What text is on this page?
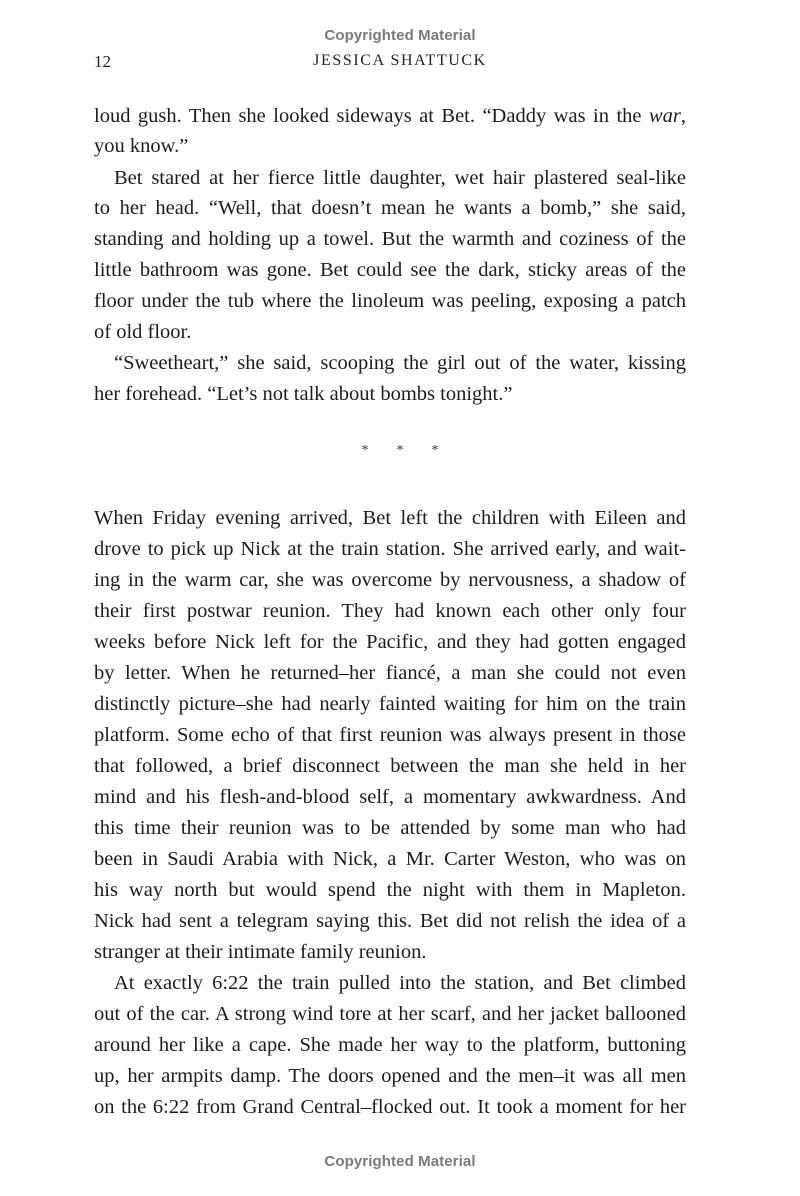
Copyrighted Material
12	JESSICA SHATTUCK
loud gush. Then she looked sideways at Bet. “Daddy was in the war,
you know.”
Bet stared at her fierce little daughter, wet hair plastered seal-like
to her head. “Well, that doesn’t mean he wants a bomb,” she said,
standing and holding up a towel. But the warmth and coziness of the
little bathroom was gone. Bet could see the dark, sticky areas of the
floor under the tub where the linoleum was peeling, exposing a patch
of old floor.
“Sweetheart,” she said, scooping the girl out of the water, kissing
her forehead. “Let’s not talk about bombs tonight.”
* * *
When Friday evening arrived, Bet left the children with Eileen and
drove to pick up Nick at the train station. She arrived early, and wait-
ing in the warm car, she was overcome by nervousness, a shadow of
their first postwar reunion. They had known each other only four
weeks before Nick left for the Pacific, and they had gotten engaged
by letter. When he returned–her fiancé, a man she could not even
distinctly picture–she had nearly fainted waiting for him on the train
platform. Some echo of that first reunion was always present in those
that followed, a brief disconnect between the man she held in her
mind and his flesh-and-blood self, a momentary awkwardness. And
this time their reunion was to be attended by some man who had
been in Saudi Arabia with Nick, a Mr. Carter Weston, who was on
his way north but would spend the night with them in Mapleton.
Nick had sent a telegram saying this. Bet did not relish the idea of a
stranger at their intimate family reunion.
At exactly 6:22 the train pulled into the station, and Bet climbed
out of the car. A strong wind tore at her scarf, and her jacket ballooned
around her like a cape. She made her way to the platform, buttoning
up, her armpits damp. The doors opened and the men–it was all men
on the 6:22 from Grand Central–flocked out. It took a moment for her
Copyrighted Material
